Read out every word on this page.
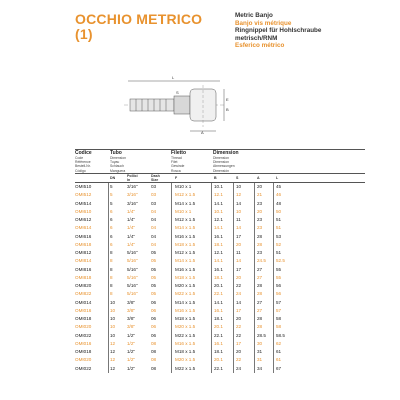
OCCHIO METRICO
(1)
Metric Banjo
Banjo vis métrique
Ringnippel für Hohlschraube
metrisch/RNM
Esferico métrico
L
E
B
A
S
Codice
Code
Référence
Bestell-Nr.
Código
Tubo
Dimension
Tuyau
Schlauch
Manguera
Filetto
Thread
Filet
Gewinde
Rosca
Dimension
Dimension
Dimension
Abmessungen
Dimensión
DN	Pollici
In
Dash
Size	F	B	S	A	L
OMI510	5	3/16"	03	M10 x 1	10.1	10	20	45
OMI512	5	3/16"	03	M12 x 1.5	12.1	12	21	46
OMI514	5	3/16"	03	M14 x 1.5	14.1	14	23	48
OMI610	6	1/4"	04	M10 x 1	10.1	10	20	50
OMI612	6	1/4"	04	M12 x 1.5	12.1	11	23	51
OMI614	6	1/4"	04	M14 x 1.5	14.1	14	23	51
OMI616	6	1/4"	04	M16 x 1.5	16.1	17	28	53
OMI618	6	1/4"	04	M18 x 1.5	18.1	20	28	52
OMI812	8	5/16"	05	M12 x 1.5	12.1	11	23	51
OMI814	8	5/16"	05	M14 x 1.5	14.1	14	24.5 52.5
OMI816	8	5/16"	05	M16 x 1.5	16.1	17	27	55
OMI818	8	5/16"	05	M18 x 1.5	18.1	20	27	55
OMI820	8	5/16"	05	M20 x 1.5	20.1	22	28	56
OMI822	8	5/16"	05	M22 x 1.5	22.1	24	28	56
OMI014	10	3/8"	06	M14 x 1.5	14.1	14	27	57
OMI016	10	3/8"	06	M16 x 1.5	16.1	17	27	57
OMI018	10	3/8"	06	M18 x 1.5	18.1	20	28	58
OMI020	10	3/8"	06	M20 x 1.5	20.1	22	28	58
OMI022	10	1/2"	06	M22 x 1.5	22.1	22	28.5 58.5
OMI016	12	1/2"	08	M16 x 1.5	16.1	17	30	62
OMI018	12	1/2"	08	M18 x 1.5	18.1	20	31	61
OMI020	12	1/2"	08	M20 x 1.5	20.1	22	31	61
OMI022	12	1/2"	08	M22 x 1.5	22.1	24	34	67
